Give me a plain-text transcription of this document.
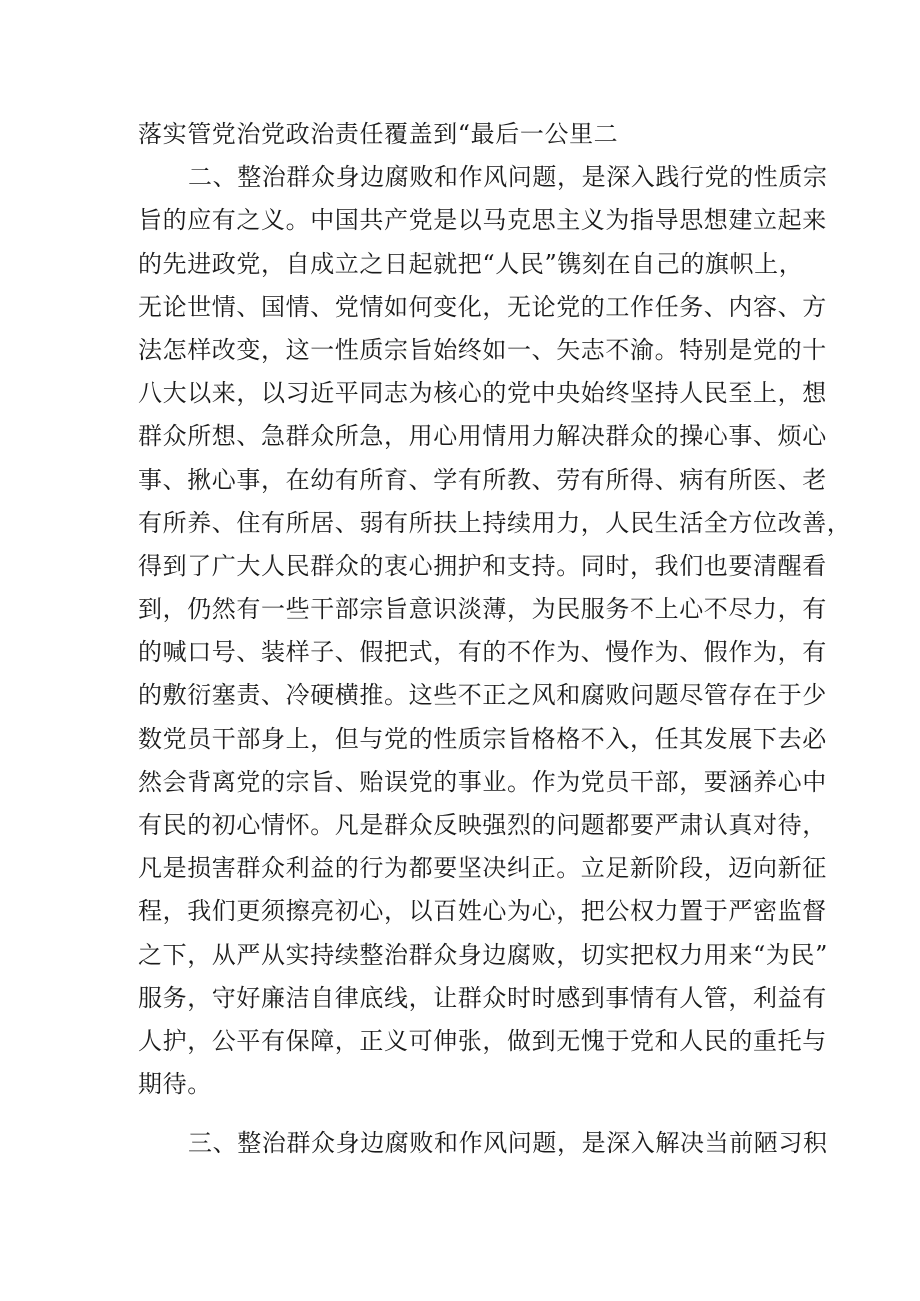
落实管党治党政治责任覆盖到“最后一公里二
二、整治群众身边腐败和作风问题，是深入践行党的性质宗
旨的应有之义。中国共产党是以马克思主义为指导思想建立起来
的先进政党，自成立之日起就把“人民”镌刻在自己的旗帜上，
无论世情、国情、党情如何变化，无论党的工作任务、内容、方
法怎样改变，这一性质宗旨始终如一、矢志不渝。特别是党的十
八大以来，以习近平同志为核心的党中央始终坚持人民至上，想
群众所想、急群众所急，用心用情用力解决群众的操心事、烦心
事、揪心事，在幼有所育、学有所教、劳有所得、病有所医、老
有所养、住有所居、弱有所扶上持续用力，人民生活全方位改善，
得到了广大人民群众的衷心拥护和支持。同时，我们也要清醒看
到，仍然有一些干部宗旨意识淡薄，为民服务不上心不尽力，有
的喊口号、装样子、假把式，有的不作为、慢作为、假作为，有
的敷衍塞责、冷硬横推。这些不正之风和腐败问题尽管存在于少
数党员干部身上，但与党的性质宗旨格格不入，任其发展下去必
然会背离党的宗旨、贻误党的事业。作为党员干部，要涵养心中
有民的初心情怀。凡是群众反映强烈的问题都要严肃认真对待，
凡是损害群众利益的行为都要坚决纠正。立足新阶段，迈向新征
程，我们更须擦亮初心，以百姓心为心，把公权力置于严密监督
之下，从严从实持续整治群众身边腐败，切实把权力用来“为民”
服务，守好廉洁自律底线，让群众时时感到事情有人管，利益有
人护，公平有保障，正义可伸张，做到无愧于党和人民的重托与
期待。
三、整治群众身边腐败和作风问题，是深入解决当前陋习积
